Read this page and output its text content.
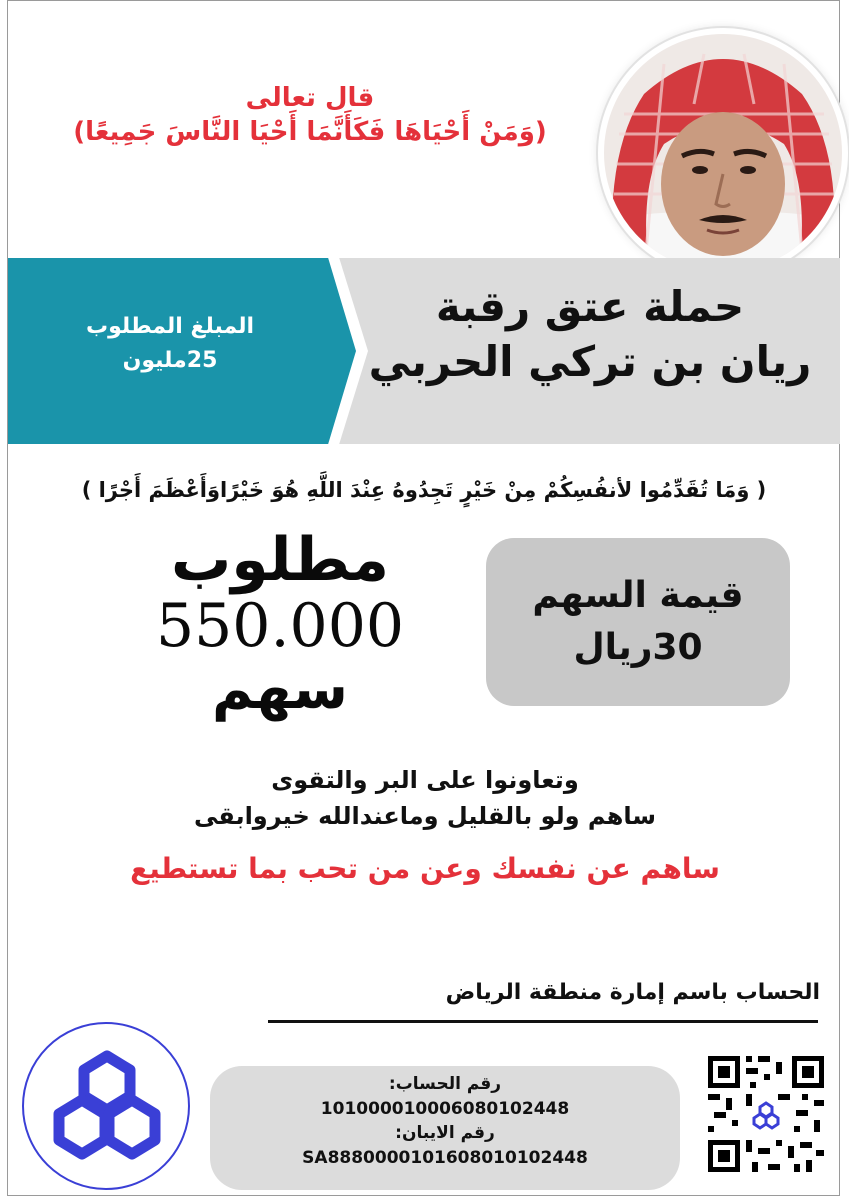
قال تعالى
(وَمَنْ أَحْيَاهَا فَكَأَنَّمَا أَحْيَا النَّاسَ جَمِيعًا)
المبلغ المطلوب
25مليون
حملة عتق رقبة
ريان بن تركي الحربي
( وَمَا تُقَدِّمُوا لأنفُسِكُمْ مِنْ خَيْرٍ تَجِدُوهُ عِنْدَ اللَّهِ هُوَ خَيْرًاوَأَعْظَمَ أَجْرًا )
مطلوب
550.000
سهم
قيمة السهم
30ريال
وتعاونوا على البر والتقوى
ساهم ولو بالقليل وماعندالله خيروابقى
ساهم عن نفسك وعن من تحب بما تستطيع
الحساب باسم إمارة منطقة الرياض
رقم الحساب:
101000010006080102448
رقم الايبان:
SA8880000101608010102448
